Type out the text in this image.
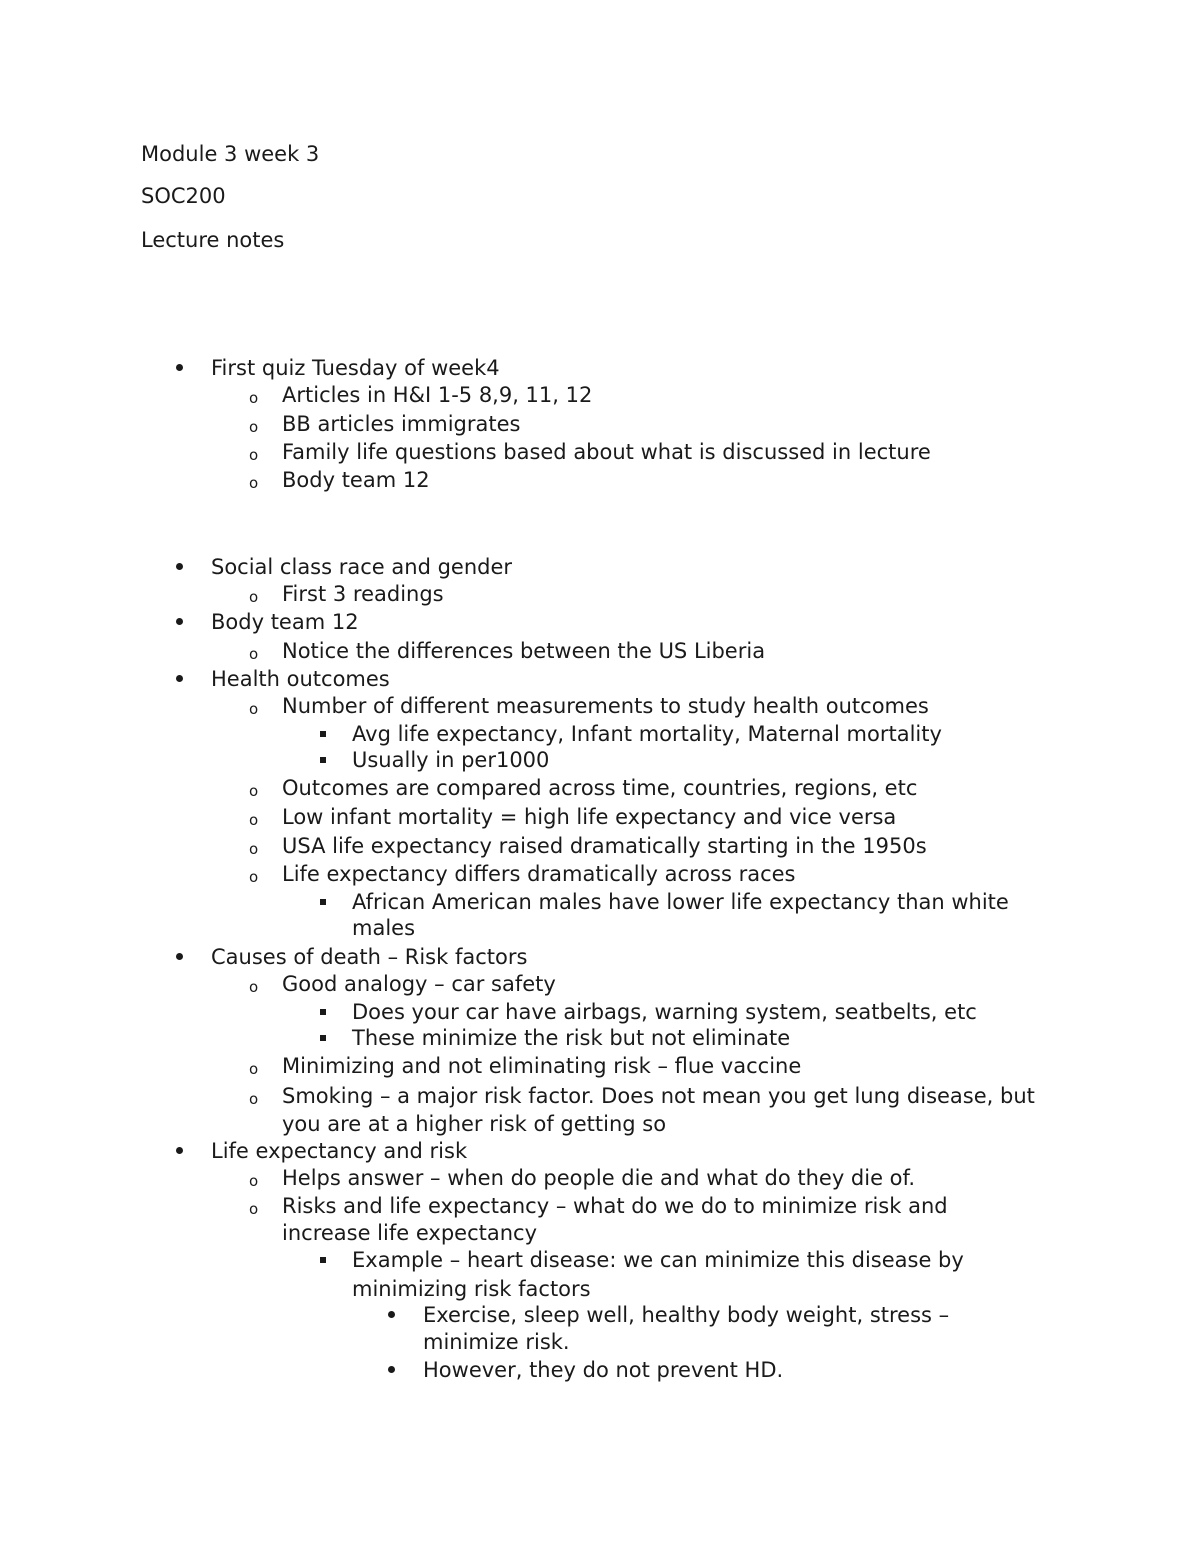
Module 3 week 3
SOC200
Lecture notes
o
o
o
o
o
o
o
o
o
o
o
o
o
o
o
o
First quiz Tuesday of week4
Articles in H&I 1-5 8,9, 11, 12
BB articles immigrates
Family life questions based about what is discussed in lecture
Body team 12
Social class race and gender
First 3 readings
Body team 12
Notice the differences between the US Liberia
Health outcomes
Number of different measurements to study health outcomes
Avg life expectancy, Infant mortality, Maternal mortality
Usually in per1000
Outcomes are compared across time, countries, regions, etc
Low infant mortality = high life expectancy and vice versa
USA life expectancy raised dramatically starting in the 1950s
Life expectancy differs dramatically across races
African American males have lower life expectancy than white
males
Causes of death – Risk factors
Good analogy – car safety
Does your car have airbags, warning system, seatbelts, etc
These minimize the risk but not eliminate
Minimizing and not eliminating risk – flue vaccine
Smoking – a major risk factor. Does not mean you get lung disease, but
you are at a higher risk of getting so
Life expectancy and risk
Helps answer – when do people die and what do they die of.
Risks and life expectancy – what do we do to minimize risk and
increase life expectancy
Example – heart disease: we can minimize this disease by
minimizing risk factors
Exercise, sleep well, healthy body weight, stress –
minimize risk.
However, they do not prevent HD.
